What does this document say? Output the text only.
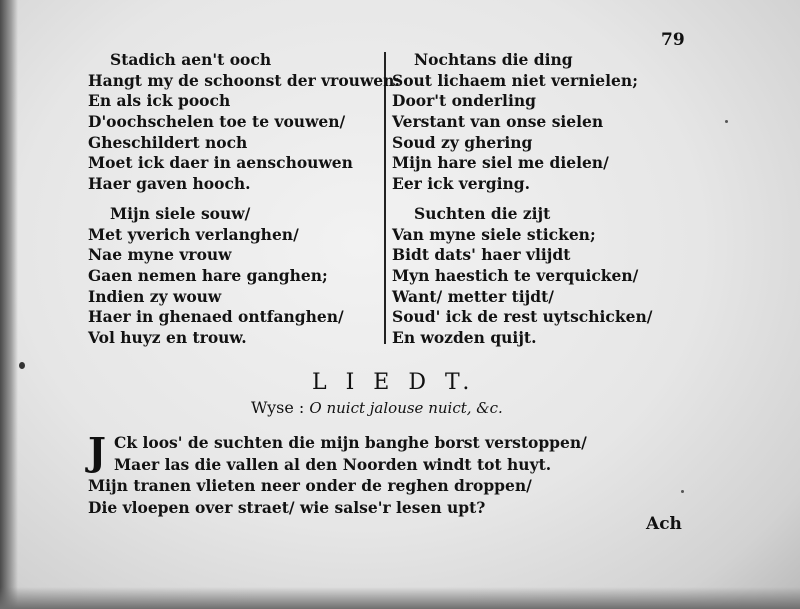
79
Stadich aen't ooch
Hangt my de schoonst der vrouwen:
En als ick pooch
D'oochschelen toe te vouwen/
Gheschildert noch
Moet ick daer in aenschouwen
Haer gaven hooch.
Mijn siele souw/
Met yverich verlanghen/
Nae myne vrouw
Gaen nemen hare ganghen;
Indien zy wouw
Haer in ghenaed ontfanghen/
Vol huyz en trouw.
Nochtans die ding
Sout lichaem niet vernielen;
Door't onderling
Verstant van onse sielen
Soud zy ghering
Mijn hare siel me dielen/
Eer ick verging.
Suchten die zijt
Van myne siele sticken;
Bidt dats' haer vlijdt
Myn haestich te verquicken/
Want/ metter tijdt/
Soud' ick de rest uytschicken/
En wozden quijt.
L I E D T.
Wyse : O nuict jalouse nuict, &c.
J Ck loos' de suchten die mijn banghe borst verstoppen/
Maer las die vallen al den Noorden windt tot huyt.
Mijn tranen vlieten neer onder de reghen droppen/
Die vloepen over straet/ wie salse'r lesen upt?
Ach
